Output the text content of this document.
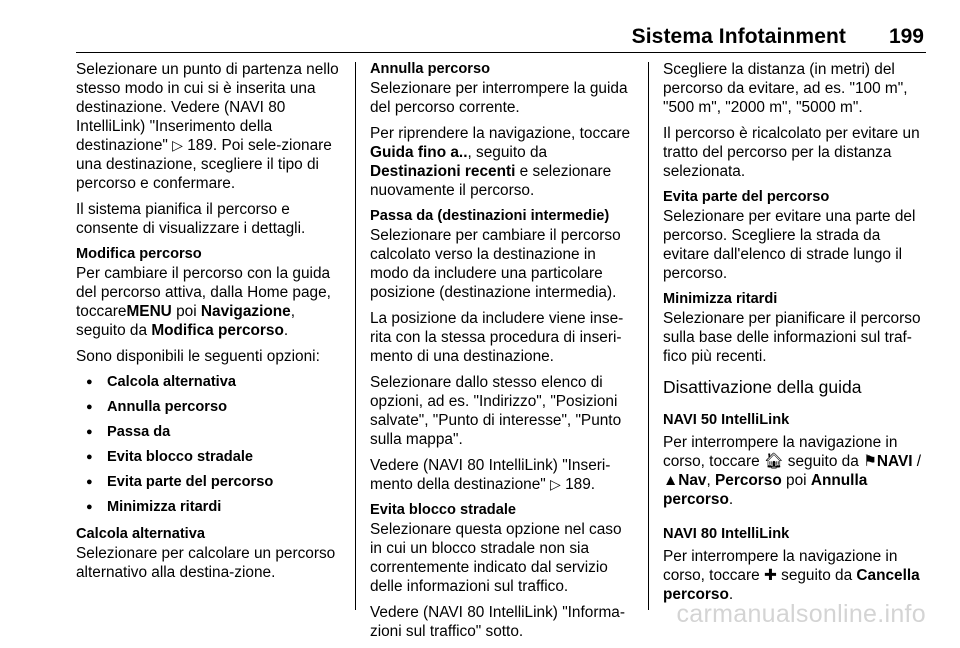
Sistema Infotainment 199

Selezionare un punto di partenza nello stesso modo in cui si è inserita una destinazione. Vedere (NAVI 80 IntelliLink) "Inserimento della destinazione" ▷ 189. Poi sele-zionare una destinazione, scegliere il tipo di percorso e confermare.

Il sistema pianifica il percorso e consente di visualizzare i dettagli.

Modifica percorso
Per cambiare il percorso con la guida del percorso attiva, dalla Home page, toccareMENU poi Navigazione, seguito da Modifica percorso.

Sono disponibili le seguenti opzioni:

● Calcola alternativa
● Annulla percorso
● Passa da
● Evita blocco stradale
● Evita parte del percorso
● Minimizza ritardi
Calcola alternativa
Selezionare per calcolare un percorso alternativo alla destina-zione.
Annulla percorso
Selezionare per interrompere la guida del percorso corrente.

Per riprendere la navigazione, toccare Guida fino a.., seguito da Destinazioni recenti e selezionare nuovamente il percorso.

Passa da (destinazioni intermedie)
Selezionare per cambiare il percorso calcolato verso la destinazione in modo da includere una particolare posizione (destinazione intermedia).

La posizione da includere viene inse-rita con la stessa procedura di inseri-mento di una destinazione.

Selezionare dallo stesso elenco di opzioni, ad es. "Indirizzo", "Posizioni salvate", "Punto di interesse", "Punto sulla mappa".

Vedere (NAVI 80 IntelliLink) "Inseri-mento della destinazione" ▷ 189.

Evita blocco stradale
Selezionare questa opzione nel caso in cui un blocco stradale non sia correntemente indicato dal servizio delle informazioni sul traffico.

Vedere (NAVI 80 IntelliLink) "Informa-zioni sul traffico" sotto.

Scegliere la distanza (in metri) del percorso da evitare, ad es. "100 m", "500 m", "2000 m", "5000 m".

Il percorso è ricalcolato per evitare un tratto del percorso per la distanza selezionata.

Evita parte del percorso
Selezionare per evitare una parte del percorso. Scegliere la strada da evitare dall'elenco di strade lungo il percorso.
Minimizza ritardi
Selezionare per pianificare il percorso sulla base delle informazioni sul traf-fico più recenti.
Disattivazione della guida
NAVI 50 IntelliLink
Per interrompere la navigazione in corso, toccare 🏠︎ seguito da ⚑NAVI /
▲Nav, Percorso poi Annulla percorso.
NAVI 80 IntelliLink
Per interrompere la navigazione in corso, toccare ✚ seguito da Cancella percorso.
carmanualsonline.info
